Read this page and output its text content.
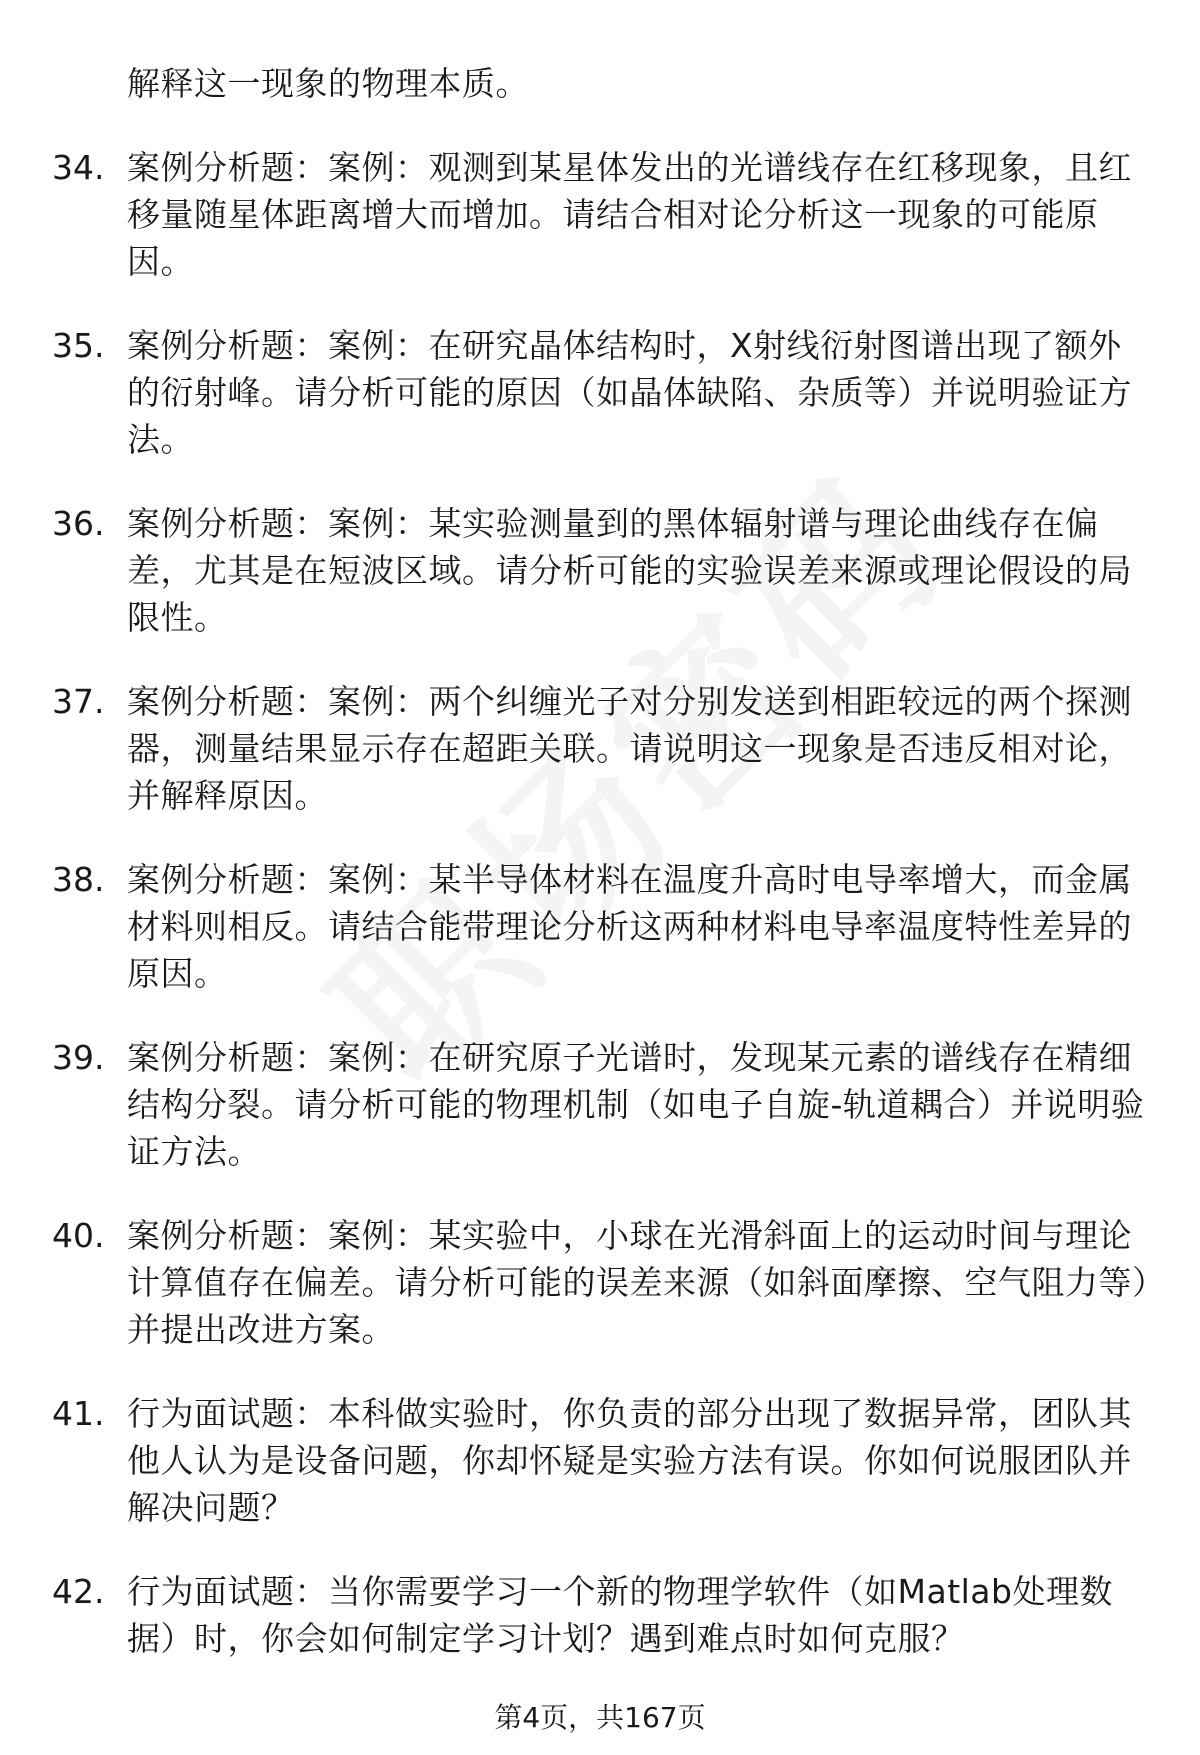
解释这一现象的物理本质。
34. 案例分析题：案例：观测到某星体发出的光谱线存在红移现象，且红移量随星体距离增大而增加。请结合相对论分析这一现象的可能原因。
35. 案例分析题：案例：在研究晶体结构时，X射线衍射图谱出现了额外的衍射峰。请分析可能的原因（如晶体缺陷、杂质等）并说明验证方法。
36. 案例分析题：案例：某实验测量到的黑体辐射谱与理论曲线存在偏差，尤其是在短波区域。请分析可能的实验误差来源或理论假设的局限性。
37. 案例分析题：案例：两个纠缠光子对分别发送到相距较远的两个探测器，测量结果显示存在超距关联。请说明这一现象是否违反相对论，并解释原因。
38. 案例分析题：案例：某半导体材料在温度升高时电导率增大，而金属材料则相反。请结合能带理论分析这两种材料电导率温度特性差异的原因。
39. 案例分析题：案例：在研究原子光谱时，发现某元素的谱线存在精细结构分裂。请分析可能的物理机制（如电子自旋-轨道耦合）并说明验证方法。
40. 案例分析题：案例：某实验中，小球在光滑斜面上的运动时间与理论计算值存在偏差。请分析可能的误差来源（如斜面摩擦、空气阻力等）并提出改进方案。
41. 行为面试题：本科做实验时，你负责的部分出现了数据异常，团队其他人认为是设备问题，你却怀疑是实验方法有误。你如何说服团队并解决问题？
42. 行为面试题：当你需要学习一个新的物理学软件（如Matlab处理数据）时，你会如何制定学习计划？遇到难点时如何克服？
第4页，共167页
